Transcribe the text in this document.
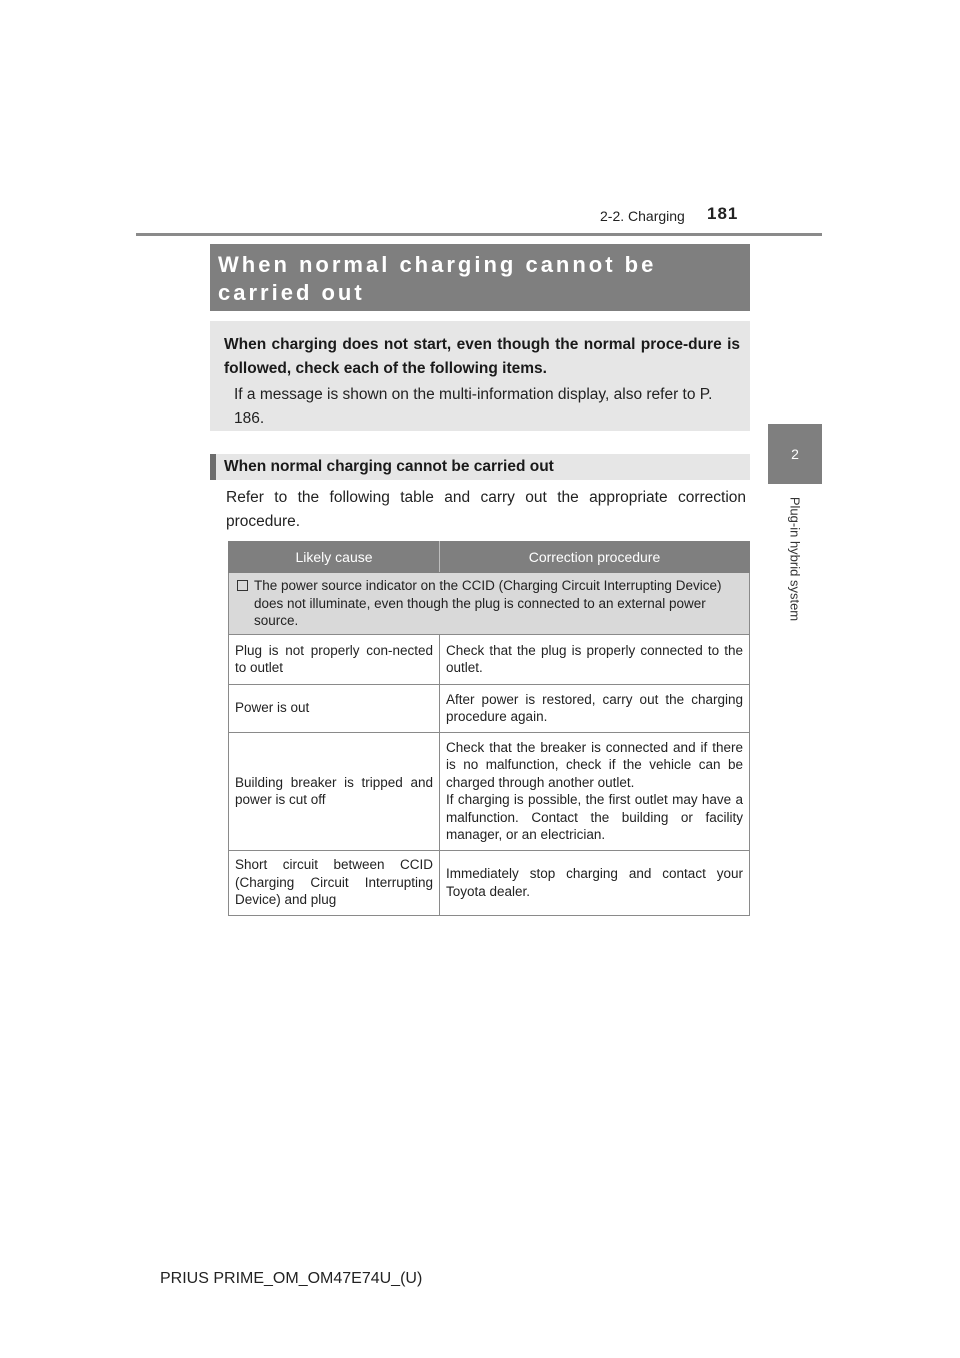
2-2. Charging 181
2
Plug-in hybrid system
When normal charging cannot be carried out
When charging does not start, even though the normal proce-dure is followed, check each of the following items.
If a message is shown on the multi-information display, also refer to P. 186.
When normal charging cannot be carried out
Refer to the following table and carry out the appropriate correction procedure.
Likely cause	Correction procedure

The power source indicator on the CCID (Charging Circuit Interrupting Device) does not illuminate, even though the plug is connected to an external power source.	

Plug is not properly con-nected to outlet	Check that the plug is properly connected to the outlet.
Power is out	After power is restored, carry out the charging procedure again.
Building breaker is tripped and power is cut off	Check that the breaker is connected and if there is no malfunction, check if the vehicle can be charged through another outlet.
If charging is possible, the first outlet may have a malfunction. Contact the building or facility manager, or an electrician.

Short circuit between CCID (Charging Circuit Interrupting Device) and plug	Immediately stop charging and contact your Toyota dealer.
PRIUS PRIME_OM_OM47E74U_(U)
